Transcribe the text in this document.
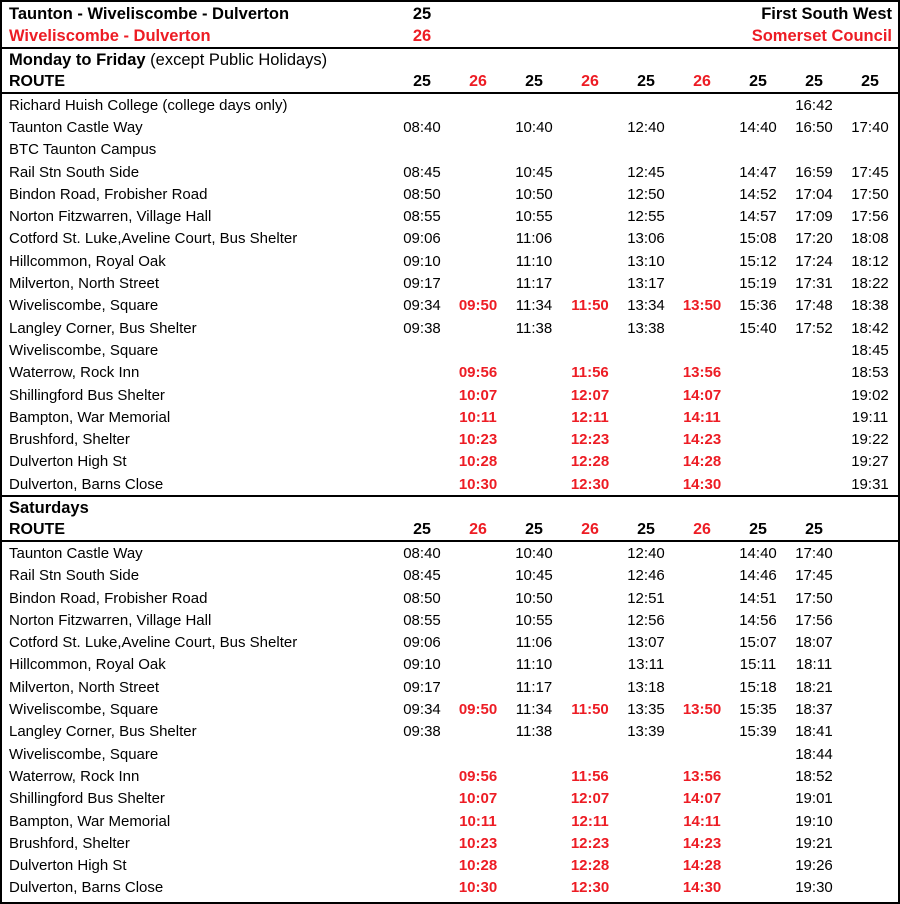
Taunton - Wiveliscombe - Dulverton	25	First South West
Wiveliscombe - Dulverton	26	Somerset Council
Monday to Friday (except Public Holidays)
ROUTE	25	26	25	26	25	26	25	25	25
Richard Huish College (college days only)								16:42	
Taunton Castle Way	08:40		10:40		12:40		14:40	16:50	17:40
BTC Taunton Campus									
Rail Stn South Side	08:45		10:45		12:45		14:47	16:59	17:45
Bindon Road, Frobisher Road	08:50		10:50		12:50		14:52	17:04	17:50
Norton Fitzwarren, Village Hall	08:55		10:55		12:55		14:57	17:09	17:56
Cotford St. Luke,Aveline Court, Bus Shelter	09:06		11:06		13:06		15:08	17:20	18:08
Hillcommon, Royal Oak	09:10		11:10		13:10		15:12	17:24	18:12
Milverton, North Street	09:17		11:17		13:17		15:19	17:31	18:22
Wiveliscombe, Square	09:34	09:50	11:34	11:50	13:34	13:50	15:36	17:48	18:38
Langley Corner, Bus Shelter	09:38		11:38		13:38		15:40	17:52	18:42
Wiveliscombe, Square									18:45
Waterrow, Rock Inn		09:56		11:56		13:56			18:53
Shillingford Bus Shelter		10:07		12:07		14:07			19:02
Bampton, War Memorial		10:11		12:11		14:11			19:11
Brushford, Shelter		10:23		12:23		14:23			19:22
Dulverton High St		10:28		12:28		14:28			19:27
Dulverton, Barns Close		10:30		12:30		14:30			19:31
Saturdays
ROUTE	25	26	25	26	25	26	25	25	
Taunton Castle Way	08:40		10:40		12:40		14:40	17:40	
Rail Stn South Side	08:45		10:45		12:46		14:46	17:45	
Bindon Road, Frobisher Road	08:50		10:50		12:51		14:51	17:50	
Norton Fitzwarren, Village Hall	08:55		10:55		12:56		14:56	17:56	
Cotford St. Luke,Aveline Court, Bus Shelter	09:06		11:06		13:07		15:07	18:07	
Hillcommon, Royal Oak	09:10		11:10		13:11		15:11	18:11	
Milverton, North Street	09:17		11:17		13:18		15:18	18:21	
Wiveliscombe, Square	09:34	09:50	11:34	11:50	13:35	13:50	15:35	18:37	
Langley Corner, Bus Shelter	09:38		11:38		13:39		15:39	18:41	
Wiveliscombe, Square								18:44	
Waterrow, Rock Inn		09:56		11:56		13:56		18:52	
Shillingford Bus Shelter		10:07		12:07		14:07		19:01	
Bampton, War Memorial		10:11		12:11		14:11		19:10	
Brushford, Shelter		10:23		12:23		14:23		19:21	
Dulverton High St		10:28		12:28		14:28		19:26	
Dulverton, Barns Close		10:30		12:30		14:30		19:30	
